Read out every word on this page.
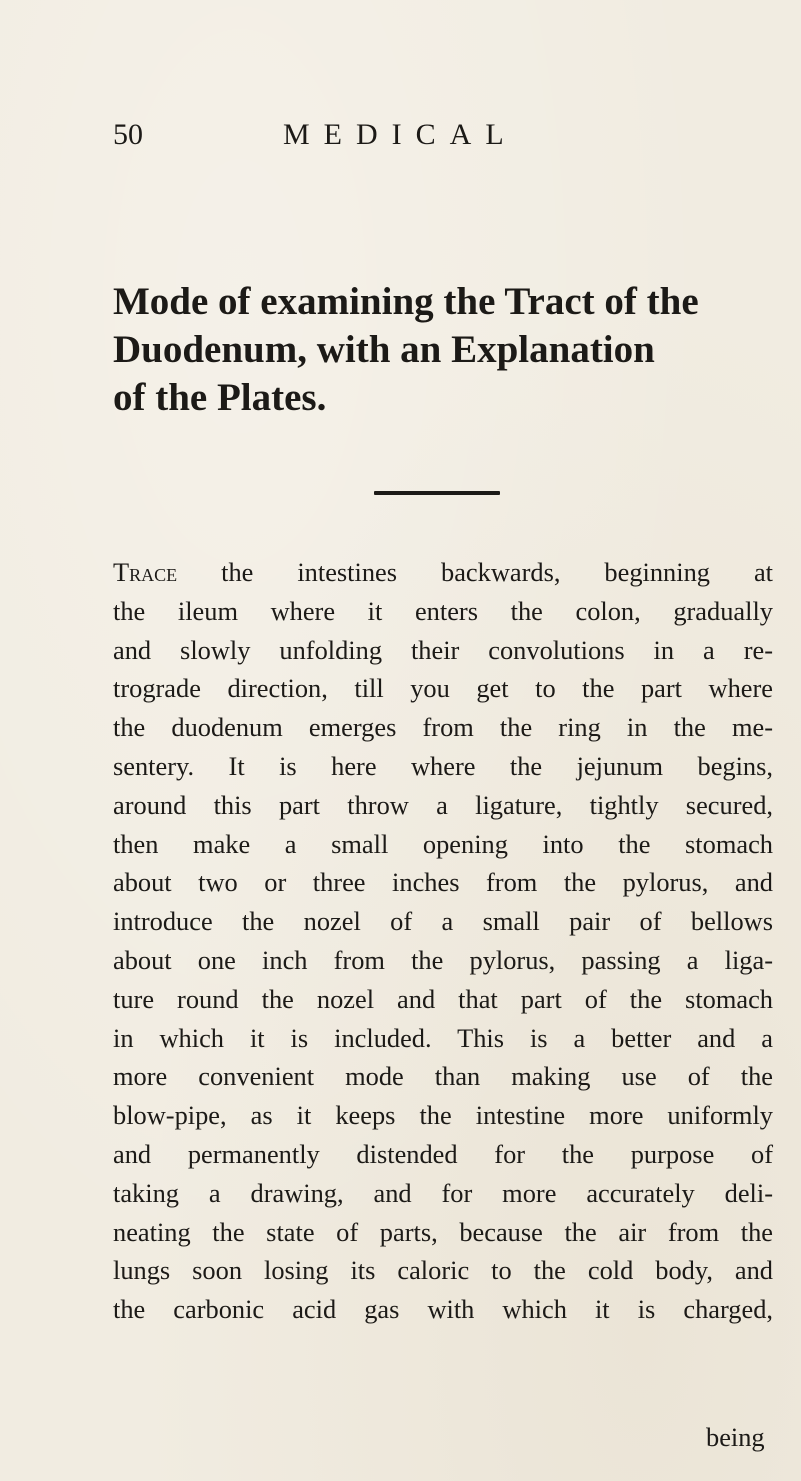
50	MEDICAL
Mode of examining the Tract of the
Duodenum, with an Explanation
of the Plates.
Trace the intestines backwards, beginning at
the ileum where it enters the colon, gradually
and slowly unfolding their convolutions in a re-
trograde direction, till you get to the part where
the duodenum emerges from the ring in the me-
sentery. It is here where the jejunum begins,
around this part throw a ligature, tightly secured,
then make a small opening into the stomach
about two or three inches from the pylorus, and
introduce the nozel of a small pair of bellows
about one inch from the pylorus, passing a liga-
ture round the nozel and that part of the stomach
in which it is included. This is a better and a
more convenient mode than making use of the
blow-pipe, as it keeps the intestine more uniformly
and permanently distended for the purpose of
taking a drawing, and for more accurately deli-
neating the state of parts, because the air from the
lungs soon losing its caloric to the cold body, and
the carbonic acid gas with which it is charged,
being
